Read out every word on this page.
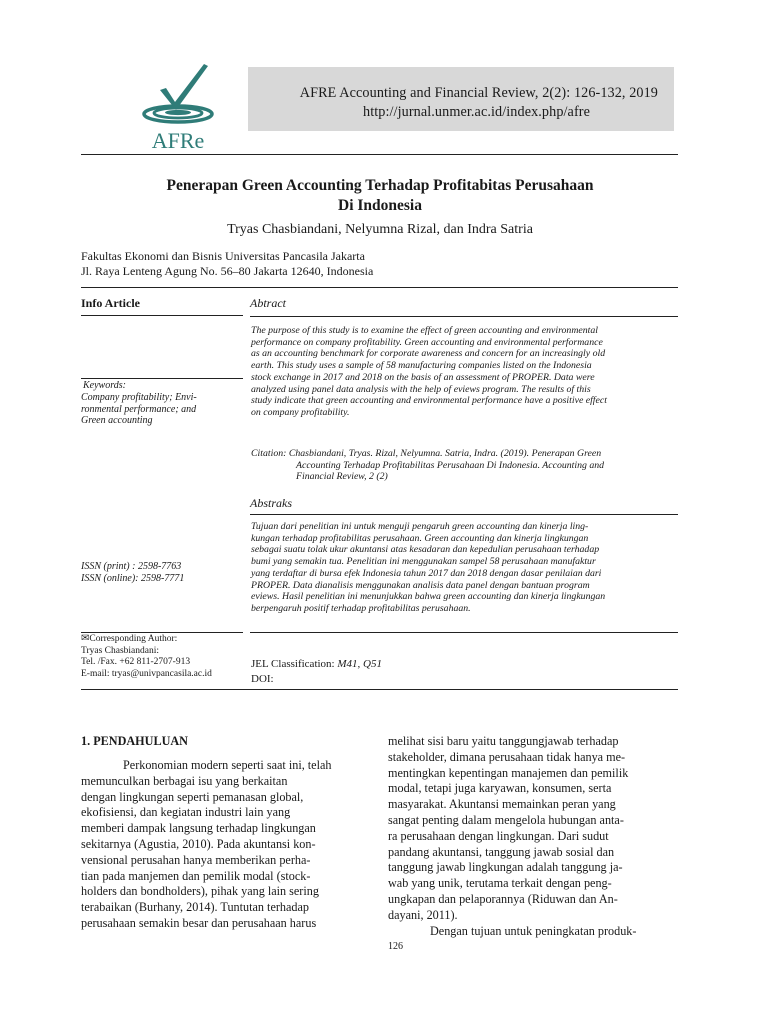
AFRe
AFRE Accounting and Financial Review, 2(2): 126-132, 2019
http://jurnal.unmer.ac.id/index.php/afre
Penerapan Green Accounting Terhadap Profitabitas Perusahaan
Di Indonesia
Tryas Chasbiandani, Nelyumna Rizal, dan Indra Satria
Fakultas Ekonomi dan Bisnis Universitas Pancasila Jakarta
Jl. Raya Lenteng Agung No. 56–80 Jakarta 12640, Indonesia
Info Article	Abtract
Keywords:
Company profitability; Envi-
ronmental performance; and
Green accounting
ISSN (print) : 2598-7763
ISSN (online): 2598-7771
✉Corresponding Author:
Tryas Chasbiandani:
Tel. /Fax. +62 811-2707-913
E-mail: tryas@univpancasila.ac.id
The purpose of this study is to examine the effect of green accounting and environmental
performance on company profitability. Green accounting and environmental performance
as an accounting benchmark for corporate awareness and concern for an increasingly old
earth. This study uses a sample of 58 manufacturing companies listed on the Indonesia
stock exchange in 2017 and 2018 on the basis of an assessment of PROPER. Data were
analyzed using panel data analysis with the help of eviews program. The results of this
study indicate that green accounting and environmental performance have a positive effect
on company profitability.
Citation: Chasbiandani, Tryas. Rizal, Nelyumna. Satria, Indra. (2019). Penerapan Green
Accounting Terhadap Profitabilitas Perusahaan Di Indonesia. Accounting and
Financial Review, 2 (2)
Abstraks
Tujuan dari penelitian ini untuk menguji pengaruh green accounting dan kinerja ling-
kungan terhadap profitabilitas perusahaan. Green accounting dan kinerja lingkungan
sebagai suatu tolak ukur akuntansi atas kesadaran dan kepedulian perusahaan terhadap
bumi yang semakin tua. Penelitian ini menggunakan sampel 58 perusahaan manufaktur
yang terdaftar di bursa efek Indonesia tahun 2017 dan 2018 dengan dasar penilaian dari
PROPER. Data dianalisis menggunakan analisis data panel dengan bantuan program
eviews. Hasil penelitian ini menunjukkan bahwa green accounting dan kinerja lingkungan
berpengaruh positif terhadap profitabilitas perusahaan.
JEL Classification: M41, Q51
DOI:
1. PENDAHULUAN
Perkonomian modern seperti saat ini, telah
memunculkan berbagai isu yang berkaitan
dengan lingkungan seperti pemanasan global,
ekofisiensi, dan kegiatan industri lain yang
memberi dampak langsung terhadap lingkungan
sekitarnya (Agustia, 2010). Pada akuntansi kon-
vensional perusahan hanya memberikan perha-
tian pada manjemen dan pemilik modal (stock-
holders dan bondholders), pihak yang lain sering
terabaikan (Burhany, 2014). Tuntutan terhadap
perusahaan semakin besar dan perusahaan harus
melihat sisi baru yaitu tanggungjawab terhadap
stakeholder, dimana perusahaan tidak hanya me-
mentingkan kepentingan manajemen dan pemilik
modal, tetapi juga karyawan, konsumen, serta
masyarakat. Akuntansi memainkan peran yang
sangat penting dalam mengelola hubungan anta-
ra perusahaan dengan lingkungan. Dari sudut
pandang akuntansi, tanggung jawab sosial dan
tanggung jawab lingkungan adalah tanggung ja-
wab yang unik, terutama terkait dengan peng-
ungkapan dan pelaporannya (Riduwan dan An-
dayani, 2011).
Dengan tujuan untuk peningkatan produk-
126
